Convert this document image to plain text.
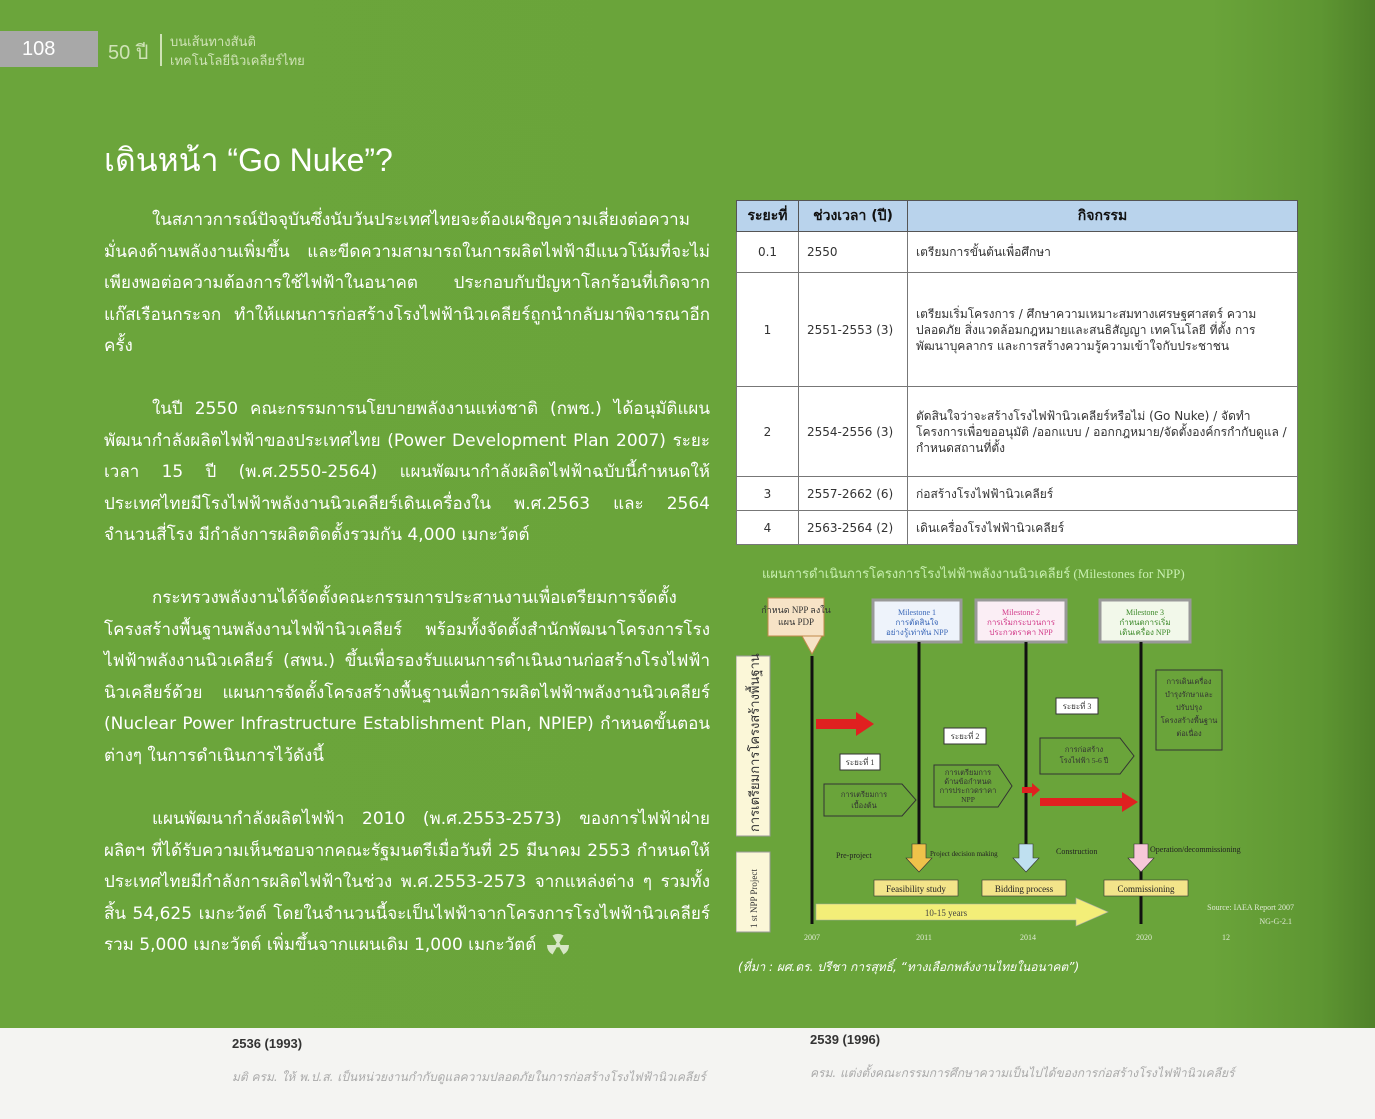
108	50 ปี
บนเส้นทางสันติ
เทคโนโลยีนิวเคลียร์ไทย
เดินหน้า “Go Nuke”?
ในสภาวการณ์ปัจจุบันซึ่งนับวันประเทศไทยจะต้องเผชิญความเสี่ยงต่อความมั่นคงด้านพลังงานเพิ่มขึ้น และขีดความสามารถในการผลิตไฟฟ้ามีแนวโน้มที่จะไม่เพียงพอต่อความต้องการใช้ไฟฟ้าในอนาคต ประกอบกับปัญหาโลกร้อนที่เกิดจากแก๊สเรือนกระจก ทำให้แผนการก่อสร้างโรงไฟฟ้านิวเคลียร์ถูกนำกลับมาพิจารณาอีกครั้ง
ในปี 2550 คณะกรรมการนโยบายพลังงานแห่งชาติ (กพช.) ได้อนุมัติแผนพัฒนากำลังผลิตไฟฟ้าของประเทศไทย (Power Development Plan 2007) ระยะเวลา 15 ปี (พ.ศ.2550-2564) แผนพัฒนากำลังผลิตไฟฟ้าฉบับนี้กำหนดให้ประเทศไทยมีโรงไฟฟ้าพลังงานนิวเคลียร์เดินเครื่องใน พ.ศ.2563 และ 2564 จำนวนสี่โรง มีกำลังการผลิตติดตั้งรวมกัน 4,000 เมกะวัตต์
กระทรวงพลังงานได้จัดตั้งคณะกรรมการประสานงานเพื่อเตรียมการจัดตั้งโครงสร้างพื้นฐานพลังงานไฟฟ้านิวเคลียร์ พร้อมทั้งจัดตั้งสำนักพัฒนาโครงการโรงไฟฟ้าพลังงานนิวเคลียร์ (สพน.) ขึ้นเพื่อรองรับแผนการดำเนินงานก่อสร้างโรงไฟฟ้านิวเคลียร์ด้วย แผนการจัดตั้งโครงสร้างพื้นฐานเพื่อการผลิตไฟฟ้าพลังงานนิวเคลียร์ (Nuclear Power Infrastructure Establishment Plan, NPIEP) กำหนดขั้นตอนต่างๆ ในการดำเนินการไว้ดังนี้
แผนพัฒนากำลังผลิตไฟฟ้า 2010 (พ.ศ.2553-2573) ของการไฟฟ้าฝ่ายผลิตฯ ที่ได้รับความเห็นชอบจากคณะรัฐมนตรีเมื่อวันที่ 25 มีนาคม 2553 กำหนดให้ประเทศไทยมีกำลังการผลิตไฟฟ้าในช่วง พ.ศ.2553-2573 จากแหล่งต่าง ๆ รวมทั้งสิ้น 54,625 เมกะวัตต์ โดยในจำนวนนี้จะเป็นไฟฟ้าจากโครงการโรงไฟฟ้านิวเคลียร์รวม 5,000 เมกะวัตต์ เพิ่มขึ้นจากแผนเดิม 1,000 เมกะวัตต์
ระยะที่	ช่วงเวลา (ปี)	กิจกรรม
0.1	2550	เตรียมการขั้นต้นเพื่อศึกษา
1	2551-2553 (3)	เตรียมเริ่มโครงการ / ศึกษาความเหมาะสมทางเศรษฐศาสตร์ ความปลอดภัย สิ่งแวดล้อมกฎหมายและสนธิสัญญา เทคโนโลยี ที่ตั้ง การพัฒนาบุคลากร และการสร้างความรู้ความเข้าใจกับประชาชน
2	2554-2556 (3)	ตัดสินใจว่าจะสร้างโรงไฟฟ้านิวเคลียร์หรือไม่ (Go Nuke) / จัดทำโครงการเพื่อขออนุมัติ /ออกแบบ / ออกกฎหมาย/จัดตั้งองค์กรกำกับดูแล / กำหนดสถานที่ตั้ง
3	2557-2662 (6)	ก่อสร้างโรงไฟฟ้านิวเคลียร์
4	2563-2564 (2)	เดินเครื่องโรงไฟฟ้านิวเคลียร์
แผนการดำเนินการโครงการโรงไฟฟ้าพลังงานนิวเคลียร์ (Milestones for NPP)
กำหนด NPP ลงใน
แผน PDP
Milestone 1
การตัดสินใจ
อย่างรู้เท่าทัน NPP
Milestone 2
การเริ่มกระบวนการ
ประกวดราคา NPP
Milestone 3
กำหนดการเริ่ม
เดินเครื่อง NPP
การเตรียมการโครงสร้างพื้นฐาน
1 st NPP Project
ระยะที่ 1
ระยะที่ 2
ระยะที่ 3
การเตรียมการ
เบื้องต้น
การเตรียมการ
ด้านข้อกำหนด
การประกวดราคา
NPP
การก่อสร้าง
โรงไฟฟ้า 5-6 ปี
การเดินเครื่อง
บำรุงรักษาและ
ปรับปรุง
โครงสร้างพื้นฐาน
ต่อเนื่อง
Pre-project	Project decision making	Construction	Operation/decommissioning
Feasibility study	Bidding process	Commissioning
10-15 years
Source: IAEA Report 2007
NG-G-2.1
2007	2011	2014	2020	12
(ที่มา : ผศ.ดร. ปรีชา การสุทธิ์, “ทางเลือกพลังงานไทยในอนาคต”)
2536 (1993)
มติ ครม. ให้ พ.ป.ส. เป็นหน่วยงานกำกับดูแลความปลอดภัยในการก่อสร้างโรงไฟฟ้านิวเคลียร์
2539 (1996)
ครม. แต่งตั้งคณะกรรมการศึกษาความเป็นไปได้ของการก่อสร้างโรงไฟฟ้านิวเคลียร์
